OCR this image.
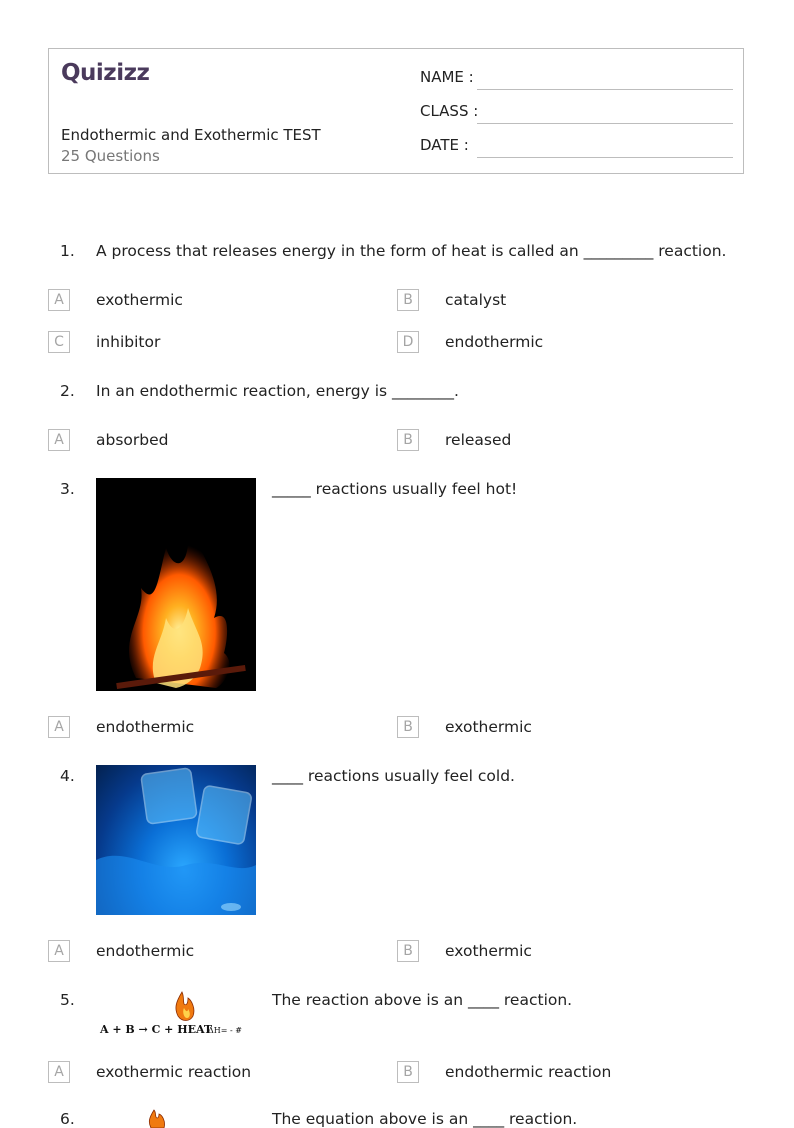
Quizizz
Endothermic and Exothermic TEST
25 Questions
NAME :
CLASS :
DATE :
1. A process that releases energy in the form of heat is called an _________ reaction.
A	exothermic	B	catalyst
C	inhibitor	D	endothermic
2. In an endothermic reaction, energy is ________.
A	absorbed	B	released
3.	_____ reactions usually feel hot!
A	endothermic	B	exothermic
4.	____ reactions usually feel cold.
A	endothermic	B	exothermic
5.
A + B → C + HEAT
ΔH= - #
The reaction above is an ____ reaction.
A	exothermic reaction	B	endothermic reaction
6.	The equation above is an ____ reaction.
